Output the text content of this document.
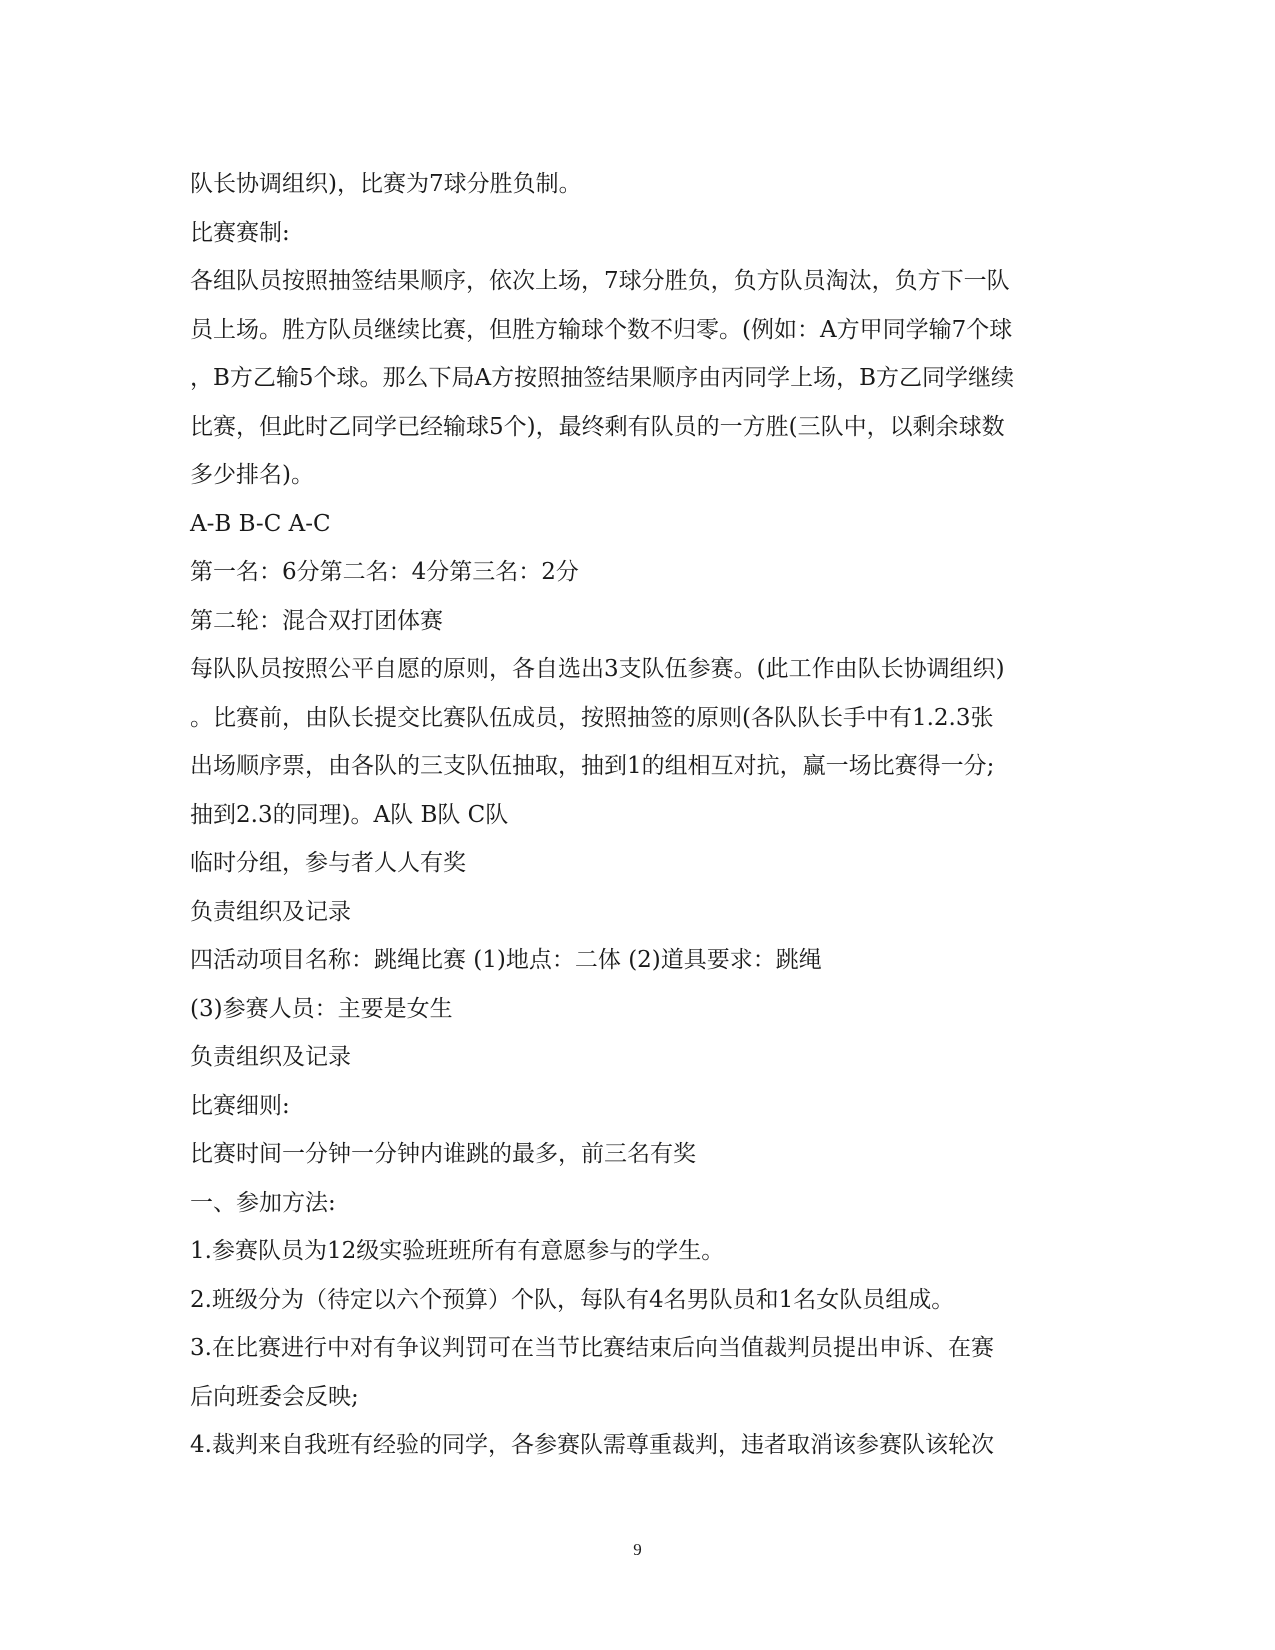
队长协调组织)，比赛为7球分胜负制。

比赛赛制:

各组队员按照抽签结果顺序，依次上场，7球分胜负，负方队员淘汰，负方下一队

员上场。胜方队员继续比赛，但胜方输球个数不归零。(例如：A方甲同学输7个球

，B方乙输5个球。那么下局A方按照抽签结果顺序由丙同学上场，B方乙同学继续

比赛，但此时乙同学已经输球5个)，最终剩有队员的一方胜(三队中，以剩余球数

多少排名)。

A-B B-C A-C

第一名：6分第二名：4分第三名：2分

第二轮：混合双打团体赛

每队队员按照公平自愿的原则，各自选出3支队伍参赛。(此工作由队长协调组织)

。比赛前，由队长提交比赛队伍成员，按照抽签的原则(各队队长手中有1.2.3张

出场顺序票，由各队的三支队伍抽取，抽到1的组相互对抗，赢一场比赛得一分;

抽到2.3的同理)。A队 B队 C队

临时分组，参与者人人有奖

负责组织及记录

四活动项目名称：跳绳比赛 (1)地点：二体 (2)道具要求：跳绳

(3)参赛人员：主要是女生

负责组织及记录

比赛细则:

比赛时间一分钟一分钟内谁跳的最多，前三名有奖

一、参加方法:

1.参赛队员为12级实验班班所有有意愿参与的学生。

2.班级分为（待定以六个预算）个队，每队有4名男队员和1名女队员组成。

3.在比赛进行中对有争议判罚可在当节比赛结束后向当值裁判员提出申诉、在赛

后向班委会反映;

4.裁判来自我班有经验的同学，各参赛队需尊重裁判，违者取消该参赛队该轮次

9
